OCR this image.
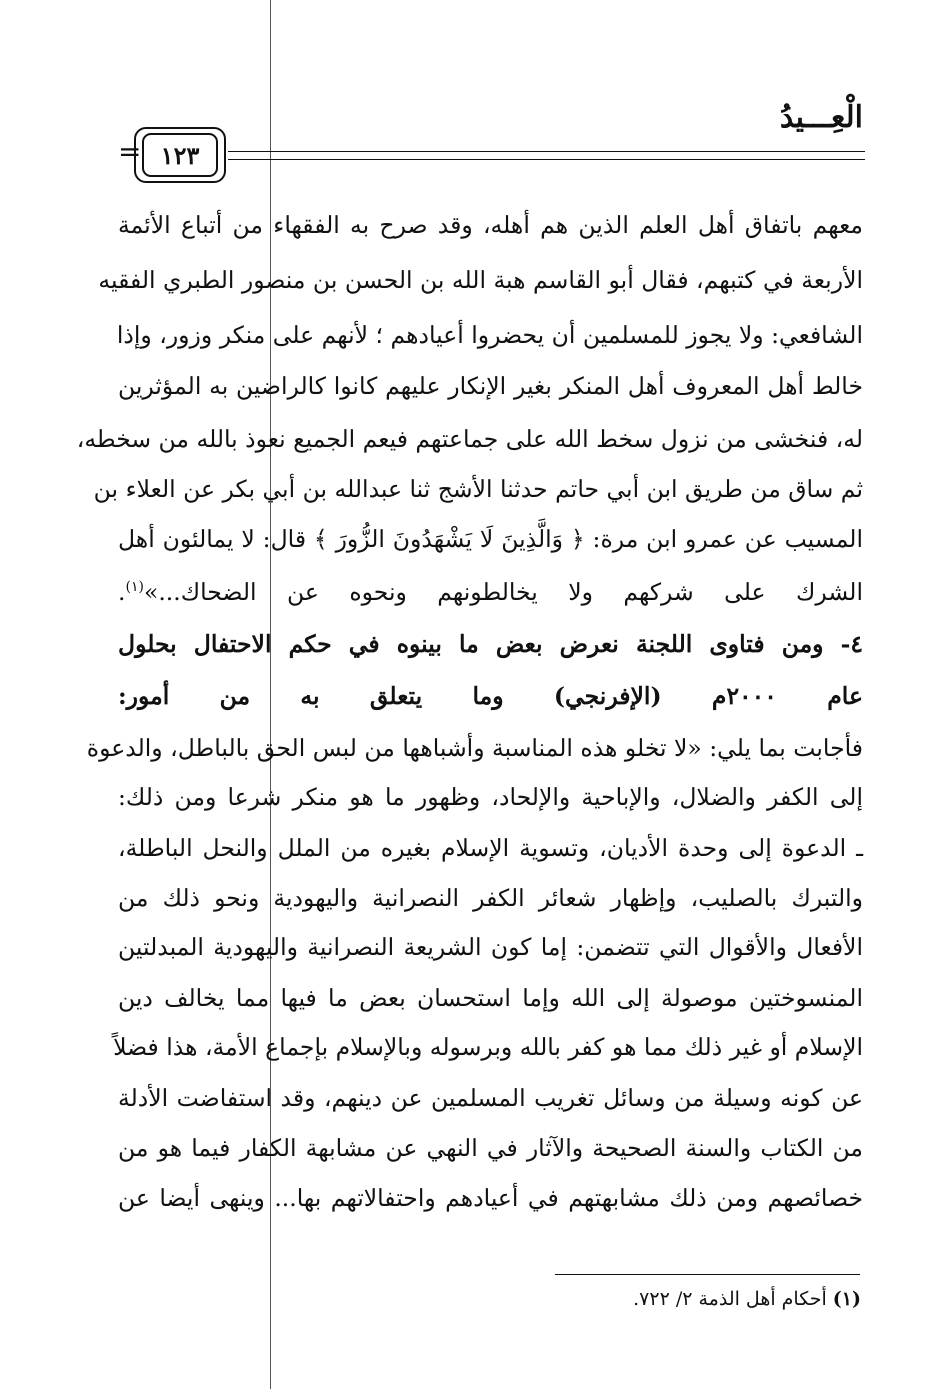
الْعِـــيدُ
= ١٢٣
معهم باتفاق أهل العلم الذين هم أهله، وقد صرح به الفقهاء من أتباع الأئمة
الأربعة في كتبهم، فقال أبو القاسم هبة الله بن الحسن بن منصور الطبري الفقيه
الشافعي: ولا يجوز للمسلمين أن يحضروا أعيادهم ؛ لأنهم على منكر وزور، وإذا
خالط أهل المعروف أهل المنكر بغير الإنكار عليهم كانوا كالراضين به المؤثرين
له، فنخشى من نزول سخط الله على جماعتهم فيعم الجميع نعوذ بالله من سخطه،
ثم ساق من طريق ابن أبي حاتم حدثنا الأشج ثنا عبدالله بن أبي بكر عن العلاء بن
المسيب عن عمرو ابن مرة: ﴿ وَالَّذِينَ لَا يَشْهَدُونَ الزُّورَ ﴾ قال: لا يمالئون أهل
الشرك على شركهم ولا يخالطونهم ونحوه عن الضحاك...»$^{(١)}$.
٤- ومن فتاوى اللجنة نعرض بعض ما بينوه في حكم الاحتفال بحلول
عام ٢٠٠٠م (الإفرنجي) وما يتعلق به من أمور:
فأجابت بما يلي: «لا تخلو هذه المناسبة وأشباهها من لبس الحق بالباطل، والدعوة
إلى الكفر والضلال، والإباحية والإلحاد، وظهور ما هو منكر شرعا ومن ذلك:
ـ الدعوة إلى وحدة الأديان، وتسوية الإسلام بغيره من الملل والنحل الباطلة،
والتبرك بالصليب، وإظهار شعائر الكفر النصرانية واليهودية ونحو ذلك من
الأفعال والأقوال التي تتضمن: إما كون الشريعة النصرانية واليهودية المبدلتين
المنسوختين موصولة إلى الله وإما استحسان بعض ما فيها مما يخالف دين
الإسلام أو غير ذلك مما هو كفر بالله وبرسوله وبالإسلام بإجماع الأمة، هذا فضلاً
عن كونه وسيلة من وسائل تغريب المسلمين عن دينهم، وقد استفاضت الأدلة
من الكتاب والسنة الصحيحة والآثار في النهي عن مشابهة الكفار فيما هو من
خصائصهم ومن ذلك مشابهتهم في أعيادهم واحتفالاتهم بها... وينهى أيضا عن
(١) أحكام أهل الذمة ٢/ ٧٢٢.
